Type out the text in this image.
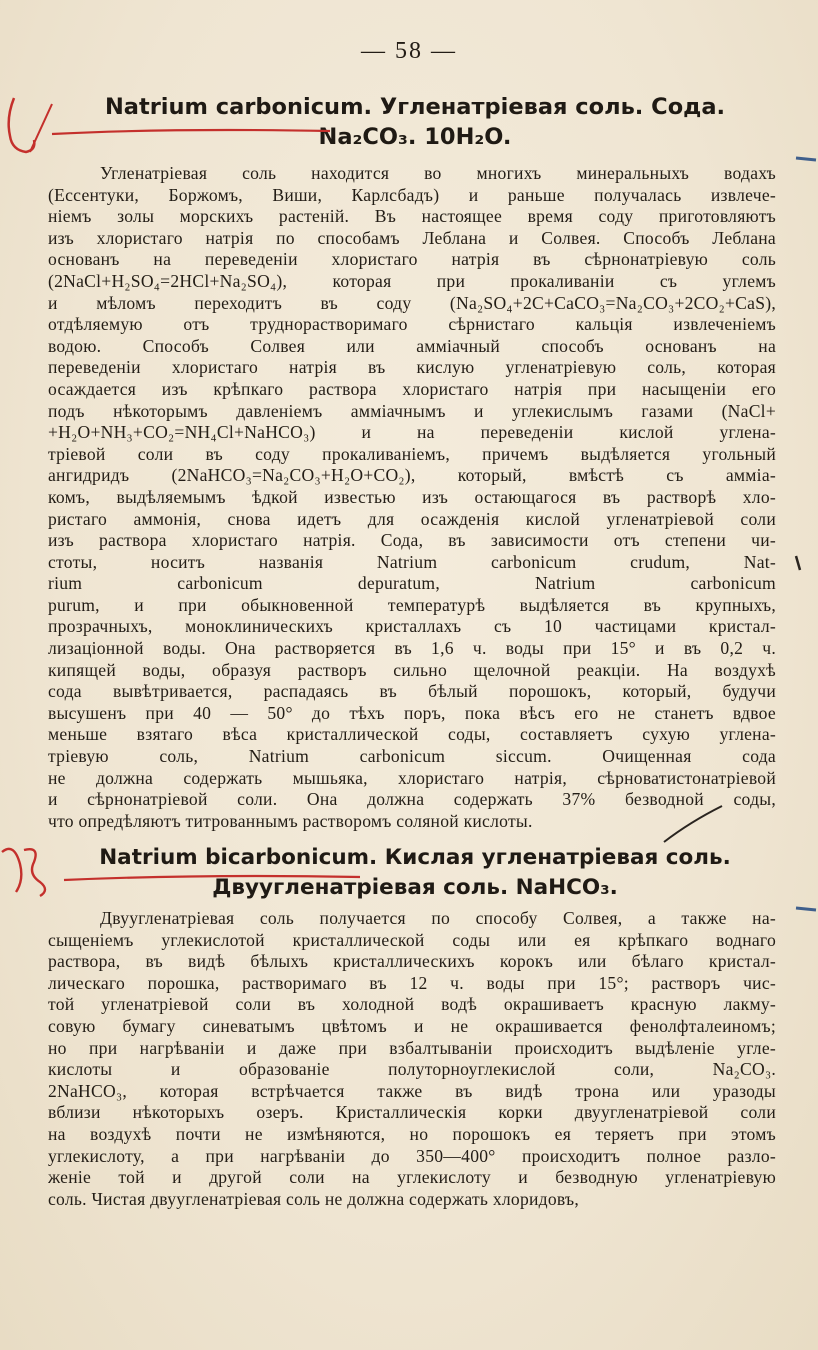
— 58 —
Natrium carbonicum. Угленатріевая соль. Сода.
Na₂CO₃. 10H₂O.
Угленатріевая соль находится во многихъ минеральныхъ водахъ
(Ессентуки, Боржомъ, Виши, Карлсбадъ) и раньше получалась извлече-
ніемъ золы морскихъ растеній. Въ настоящее время соду приготовляютъ
изъ хлористаго натрія по способамъ Леблана и Солвея. Способъ Леблана
основанъ на переведеніи хлористаго натрія въ сѣрнонатріевую соль
(2NaCl+H₂SO₄=2HCl+Na₂SO₄), которая при прокаливаніи съ углемъ
и мѣломъ переходитъ въ соду (Na₂SO₄+2C+CaCO₃=Na₂CO₃+2CO₂+CaS),
отдѣляемую отъ труднорастворимаго сѣрнистаго кальція извлеченіемъ
водою. Способъ Солвея или амміачный способъ основанъ на
переведеніи хлористаго натрія въ кислую угленатріевую соль, которая
осаждается изъ крѣпкаго раствора хлористаго натрія при насыщеніи его
подъ нѣкоторымъ давленіемъ амміачнымъ и углекислымъ газами (NaCl+
+H₂O+NH₃+CO₂=NH₄Cl+NaHCO₃) и на переведеніи кислой углена-
тріевой соли въ соду прокаливаніемъ, причемъ выдѣляется угольный
ангидридъ (2NaHCO₃=Na₂CO₃+H₂O+CO₂), который, вмѣстѣ съ амміа-
комъ, выдѣляемымъ ѣдкой известью изъ остающагося въ растворѣ хло-
ристаго аммонія, снова идетъ для осажденія кислой угленатріевой соли
изъ раствора хлористаго натрія. Сода, въ зависимости отъ степени чи-
стоты, носитъ названія Natrium carbonicum crudum, Nat-
rium carbonicum depuratum, Natrium carbonicum
purum, и при обыкновенной температурѣ выдѣляется въ крупныхъ,
прозрачныхъ, моноклиническихъ кристаллахъ съ 10 частицами кристал-
лизаціонной воды. Она растворяется въ 1,6 ч. воды при 15° и въ 0,2 ч.
кипящей воды, образуя растворъ сильно щелочной реакціи. На воздухѣ
сода вывѣтривается, распадаясь въ бѣлый порошокъ, который, будучи
высушенъ при 40 — 50° до тѣхъ поръ, пока вѣсъ его не станетъ вдвое
меньше взятаго вѣса кристаллической соды, составляетъ сухую углена-
тріевую соль, Natrium carbonicum siccum. Очищенная сода
не должна содержать мышьяка, хлористаго натрія, сѣрноватистонатріевой
и сѣрнонатріевой соли. Она должна содержать 37% безводной соды,
что опредѣляютъ титрованнымъ растворомъ соляной кислоты.
Natrium bicarbonicum. Кислая угленатріевая соль.
Двуугленатріевая соль. NaHCO₃.
Двуугленатріевая соль получается по способу Солвея, а также на-
сыщеніемъ углекислотой кристаллической соды или ея крѣпкаго воднаго
раствора, въ видѣ бѣлыхъ кристаллическихъ корокъ или бѣлаго кристал-
лическаго порошка, растворимаго въ 12 ч. воды при 15°; растворъ чис-
той угленатріевой соли въ холодной водѣ окрашиваетъ красную лакму-
совую бумагу синеватымъ цвѣтомъ и не окрашивается фенолфталеиномъ;
но при нагрѣваніи и даже при взбалтываніи происходитъ выдѣленіе угле-
кислоты и образованіе полуторноуглекислой соли, Na₂CO₃.
2NaHCO₃, которая встрѣчается также въ видѣ трона или уразоды
вблизи нѣкоторыхъ озеръ. Кристаллическія корки двуугленатріевой соли
на воздухѣ почти не измѣняются, но порошокъ ея теряетъ при этомъ
углекислоту, а при нагрѣваніи до 350—400° происходитъ полное разло-
женіе той и другой соли на углекислоту и безводную угленатріевую
соль. Чистая двуугленатріевая соль не должна содержать хлоридовъ,
